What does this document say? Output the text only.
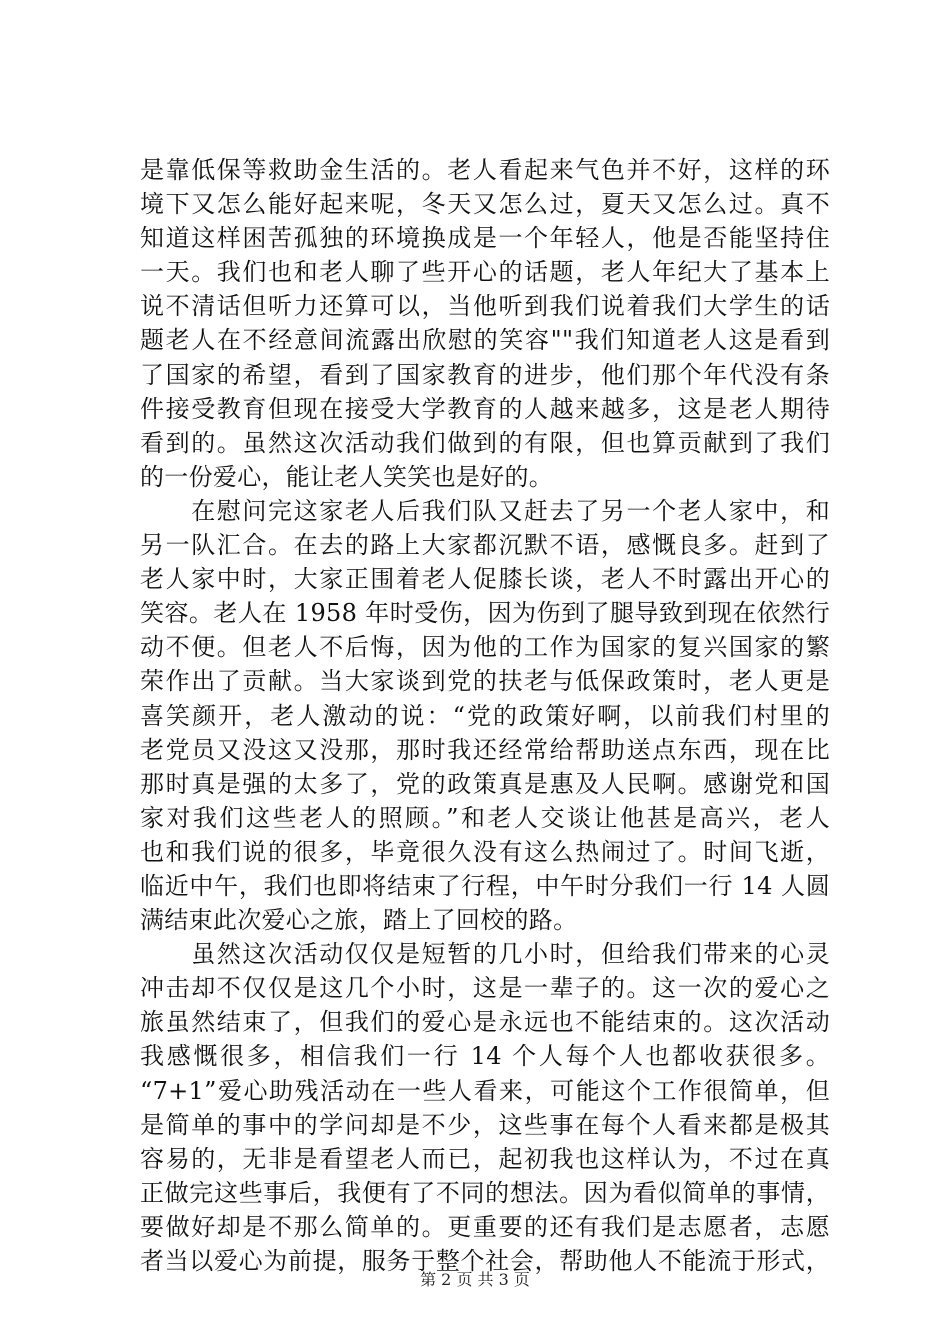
是靠低保等救助金生活的。老人看起来气色并不好，这样的环
境下又怎么能好起来呢，冬天又怎么过，夏天又怎么过。真不
知道这样困苦孤独的环境换成是一个年轻人，他是否能坚持住
一天。我们也和老人聊了些开心的话题，老人年纪大了基本上
说不清话但听力还算可以，当他听到我们说着我们大学生的话
题老人在不经意间流露出欣慰的笑容""我们知道老人这是看到
了国家的希望，看到了国家教育的进步，他们那个年代没有条
件接受教育但现在接受大学教育的人越来越多，这是老人期待
看到的。虽然这次活动我们做到的有限，但也算贡献到了我们
的一份爱心，能让老人笑笑也是好的。
　　在慰问完这家老人后我们队又赶去了另一个老人家中，和
另一队汇合。在去的路上大家都沉默不语，感慨良多。赶到了
老人家中时，大家正围着老人促膝长谈，老人不时露出开心的
笑容。老人在 1958 年时受伤，因为伤到了腿导致到现在依然行
动不便。但老人不后悔，因为他的工作为国家的复兴国家的繁
荣作出了贡献。当大家谈到党的扶老与低保政策时，老人更是
喜笑颜开，老人激动的说：“党的政策好啊，以前我们村里的
老党员又没这又没那，那时我还经常给帮助送点东西，现在比
那时真是强的太多了，党的政策真是惠及人民啊。感谢党和国
家对我们这些老人的照顾。”和老人交谈让他甚是高兴，老人
也和我们说的很多，毕竟很久没有这么热闹过了。时间飞逝，
临近中午，我们也即将结束了行程，中午时分我们一行 14 人圆
满结束此次爱心之旅，踏上了回校的路。
　　虽然这次活动仅仅是短暂的几小时，但给我们带来的心灵
冲击却不仅仅是这几个小时，这是一辈子的。这一次的爱心之
旅虽然结束了，但我们的爱心是永远也不能结束的。这次活动
我感慨很多，相信我们一行 14 个人每个人也都收获很多。
“7+1”爱心助残活动在一些人看来，可能这个工作很简单，但
是简单的事中的学问却是不少，这些事在每个人看来都是极其
容易的，无非是看望老人而已，起初我也这样认为，不过在真
正做完这些事后，我便有了不同的想法。因为看似简单的事情，
要做好却是不那么简单的。更重要的还有我们是志愿者，志愿
者当以爱心为前提，服务于整个社会，帮助他人不能流于形式，
第 2 页 共 3 页
